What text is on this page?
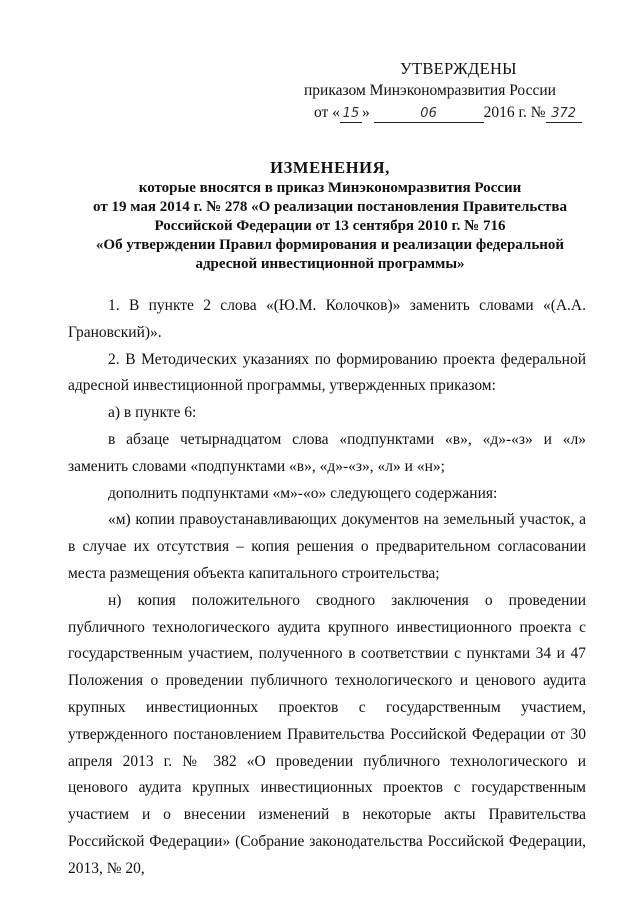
УТВЕРЖДЕНЫ
приказом Минэкономразвития России
от « 15 »	06	2016 г. № 372
ИЗМЕНЕНИЯ,
которые вносятся в приказ Минэкономразвития России
от 19 мая 2014 г. № 278 «О реализации постановления Правительства
Российской Федерации от 13 сентября 2010 г. № 716
«Об утверждении Правил формирования и реализации федеральной
адресной инвестиционной программы»

1. В пункте 2 слова «(Ю.М. Колочков)» заменить словами «(А.А. Грановский)».

2. В Методических указаниях по формированию проекта федеральной адресной инвестиционной программы, утвержденных приказом:

а) в пункте 6:

в абзаце четырнадцатом слова «подпунктами «в», «д»-«з» и «л» заменить словами «подпунктами «в», «д»-«з», «л» и «н»;

дополнить подпунктами «м»-«о» следующего содержания:

«м) копии правоустанавливающих документов на земельный участок, а в случае их отсутствия – копия решения о предварительном согласовании места размещения объекта капитального строительства;

н) копия положительного сводного заключения о проведении публичного технологического аудита крупного инвестиционного проекта с государственным участием, полученного в соответствии с пунктами 34 и 47 Положения о проведении публичного технологического и ценового аудита крупных инвестиционных проектов с государственным участием, утвержденного постановлением Правительства Российской Федерации от 30 апреля 2013 г. № 382 «О проведении публичного технологического и ценового аудита крупных инвестиционных проектов с государственным участием и о внесении изменений в некоторые акты Правительства Российской Федерации» (Собрание законодательства Российской Федерации, 2013, № 20,
